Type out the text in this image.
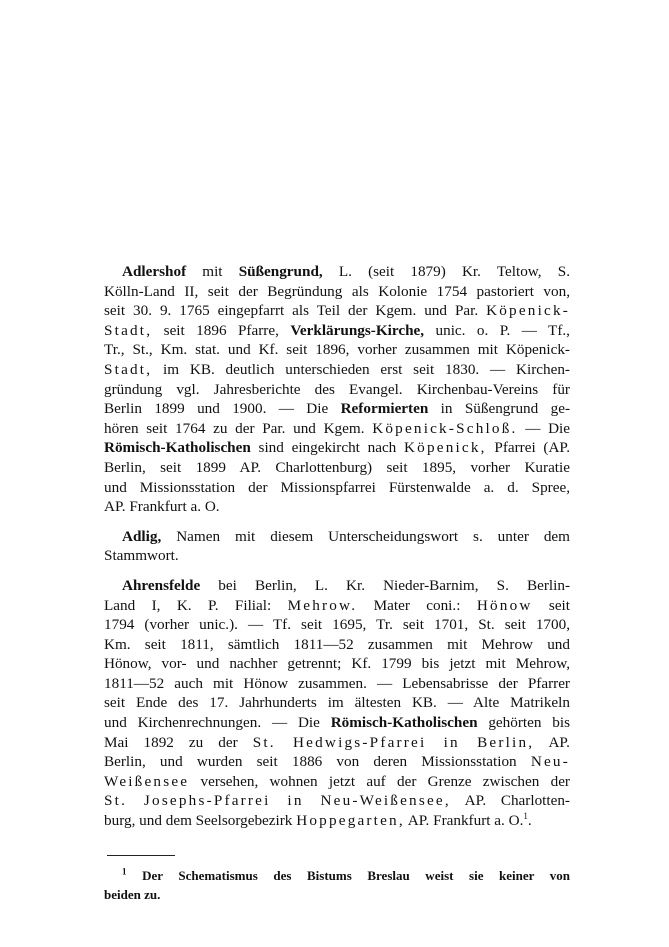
Adlershof mit Süßengrund, L. (seit 1879) Kr. Teltow, S.
Kölln-Land II, seit der Begründung als Kolonie 1754 pastoriert von,
seit 30. 9. 1765 eingepfarrt als Teil der Kgem. und Par. Köpenick-
Stadt, seit 1896 Pfarre, Verklärungs-Kirche, unic. o. P. — Tf.,
Tr., St., Km. stat. und Kf. seit 1896, vorher zusammen mit Köpenick-
Stadt, im KB. deutlich unterschieden erst seit 1830. — Kirchen-
gründung vgl. Jahresberichte des Evangel. Kirchenbau-Vereins für
Berlin 1899 und 1900. — Die Reformierten in Süßengrund ge-
hören seit 1764 zu der Par. und Kgem. Köpenick-Schloß. — Die
Römisch-Katholischen sind eingekircht nach Köpenick, Pfarrei (AP.
Berlin, seit 1899 AP. Charlottenburg) seit 1895, vorher Kuratie
und Missionsstation der Missionspfarrei Fürstenwalde a. d. Spree,
AP. Frankfurt a. O.
Adlig, Namen mit diesem Unterscheidungswort s. unter dem
Stammwort.
Ahrensfelde bei Berlin, L. Kr. Nieder-Barnim, S. Berlin-
Land I, K. P. Filial: Mehrow. Mater coni.: Hönow seit
1794 (vorher unic.). — Tf. seit 1695, Tr. seit 1701, St. seit 1700,
Km. seit 1811, sämtlich 1811—52 zusammen mit Mehrow und
Hönow, vor- und nachher getrennt; Kf. 1799 bis jetzt mit Mehrow,
1811—52 auch mit Hönow zusammen. — Lebensabrisse der Pfarrer
seit Ende des 17. Jahrhunderts im ältesten KB. — Alte Matrikeln
und Kirchenrechnungen. — Die Römisch-Katholischen gehörten bis
Mai 1892 zu der St. Hedwigs-Pfarrei in Berlin, AP.
Berlin, und wurden seit 1886 von deren Missionsstation Neu-
Weißensee versehen, wohnen jetzt auf der Grenze zwischen der
St. Josephs-Pfarrei in Neu-Weißensee, AP. Charlotten-
burg, und dem Seelsorgebezirk Hoppegarten, AP. Frankfurt a. O.$^1$.
$^1$ Der Schematismus des Bistums Breslau weist sie keiner von
beiden zu.
